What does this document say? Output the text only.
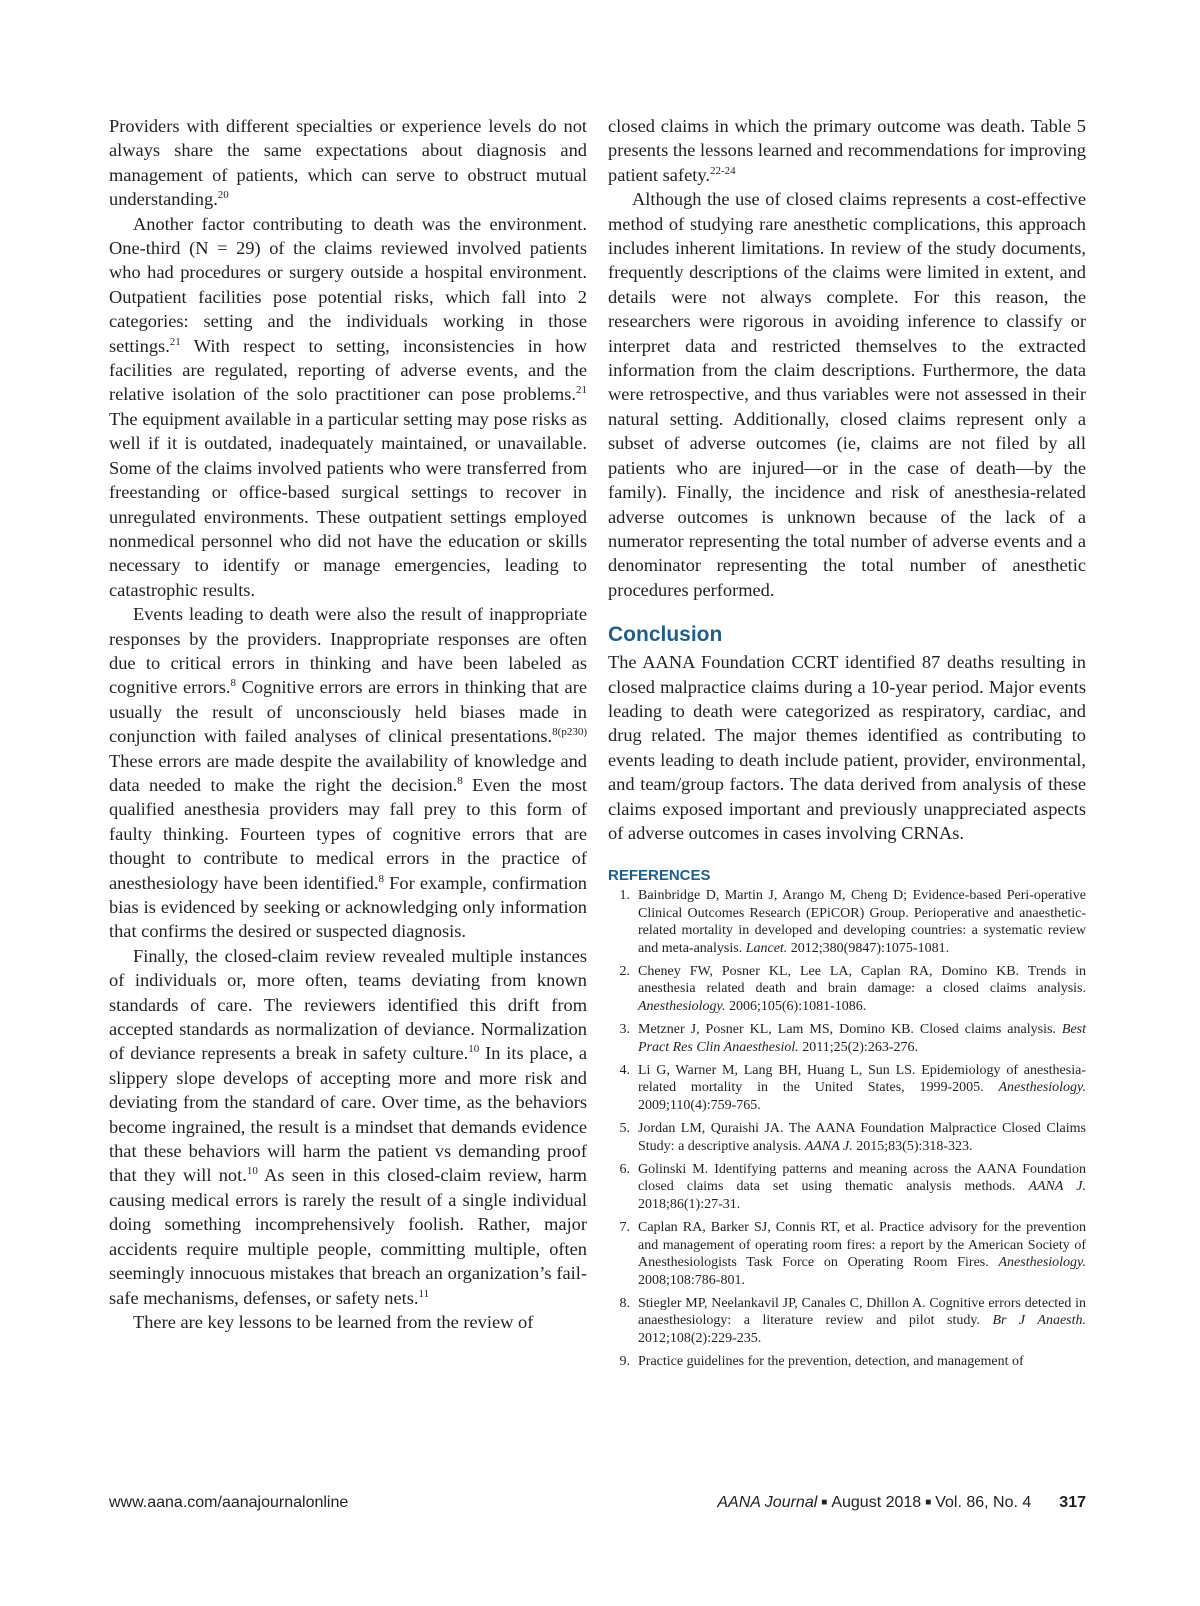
Providers with different specialties or experience levels do not always share the same expectations about diagnosis and management of patients, which can serve to obstruct mutual understanding.$^{20}$

Another factor contributing to death was the environment. One-third (N = 29) of the claims reviewed involved patients who had procedures or surgery outside a hospital environment. Outpatient facilities pose potential risks, which fall into 2 categories: setting and the individuals working in those settings.$^{21}$ With respect to setting, inconsistencies in how facilities are regulated, reporting of adverse events, and the relative isolation of the solo practitioner can pose problems.$^{21}$ The equipment available in a particular setting may pose risks as well if it is outdated, inadequately maintained, or unavailable. Some of the claims involved patients who were transferred from freestanding or office-based surgical settings to recover in unregulated environments. These outpatient settings employed nonmedical personnel who did not have the education or skills necessary to identify or manage emergencies, leading to catastrophic results.

Events leading to death were also the result of inappropriate responses by the providers. Inappropriate responses are often due to critical errors in thinking and have been labeled as cognitive errors.$^8$ Cognitive errors are errors in thinking that are usually the result of unconsciously held biases made in conjunction with failed analyses of clinical presentations.$^{8(p230)}$ These errors are made despite the availability of knowledge and data needed to make the right the decision.$^8$ Even the most qualified anesthesia providers may fall prey to this form of faulty thinking. Fourteen types of cognitive errors that are thought to contribute to medical errors in the practice of anesthesiology have been identified.$^8$ For example, confirmation bias is evidenced by seeking or acknowledging only information that confirms the desired or suspected diagnosis.

Finally, the closed-claim review revealed multiple instances of individuals or, more often, teams deviating from known standards of care. The reviewers identified this drift from accepted standards as normalization of deviance. Normalization of deviance represents a break in safety culture.$^{10}$ In its place, a slippery slope develops of accepting more and more risk and deviating from the standard of care. Over time, as the behaviors become ingrained, the result is a mindset that demands evidence that these behaviors will harm the patient vs demanding proof that they will not.$^{10}$ As seen in this closed-claim review, harm causing medical errors is rarely the result of a single individual doing something incomprehensively foolish. Rather, major accidents require multiple people, committing multiple, often seemingly innocuous mistakes that breach an organization’s fail-safe mechanisms, defenses, or safety nets.$^{11}$

There are key lessons to be learned from the review of

closed claims in which the primary outcome was death. Table 5 presents the lessons learned and recommendations for improving patient safety.$^{22-24}$

Although the use of closed claims represents a cost-effective method of studying rare anesthetic complications, this approach includes inherent limitations. In review of the study documents, frequently descriptions of the claims were limited in extent, and details were not always complete. For this reason, the researchers were rigorous in avoiding inference to classify or interpret data and restricted themselves to the extracted information from the claim descriptions. Furthermore, the data were retrospective, and thus variables were not assessed in their natural setting. Additionally, closed claims represent only a subset of adverse outcomes (ie, claims are not filed by all patients who are injured—or in the case of death—by the family). Finally, the incidence and risk of anesthesia-related adverse outcomes is unknown because of the lack of a numerator representing the total number of adverse events and a denominator representing the total number of anesthetic procedures performed.

Conclusion

The AANA Foundation CCRT identified 87 deaths resulting in closed malpractice claims during a 10-year period. Major events leading to death were categorized as respiratory, cardiac, and drug related. The major themes identified as contributing to events leading to death include patient, provider, environmental, and team/group factors. The data derived from analysis of these claims exposed important and previously unappreciated aspects of adverse outcomes in cases involving CRNAs.

REFERENCES
1. Bainbridge D, Martin J, Arango M, Cheng D; Evidence-based Peri-operative Clinical Outcomes Research (EPiCOR) Group. Perioperative and anaesthetic-related mortality in developed and developing countries: a systematic review and meta-analysis. Lancet. 2012;380(9847):1075-1081.
2. Cheney FW, Posner KL, Lee LA, Caplan RA, Domino KB. Trends in anesthesia related death and brain damage: a closed claims analysis. Anesthesiology. 2006;105(6):1081-1086.
3. Metzner J, Posner KL, Lam MS, Domino KB. Closed claims analysis. Best Pract Res Clin Anaesthesiol. 2011;25(2):263-276.
4. Li G, Warner M, Lang BH, Huang L, Sun LS. Epidemiology of anesthesia-related mortality in the United States, 1999-2005. Anesthesiology. 2009;110(4):759-765.
5. Jordan LM, Quraishi JA. The AANA Foundation Malpractice Closed Claims Study: a descriptive analysis. AANA J. 2015;83(5):318-323.
6. Golinski M. Identifying patterns and meaning across the AANA Foundation closed claims data set using thematic analysis methods. AANA J. 2018;86(1):27-31.
7. Caplan RA, Barker SJ, Connis RT, et al. Practice advisory for the prevention and management of operating room fires: a report by the American Society of Anesthesiologists Task Force on Operating Room Fires. Anesthesiology. 2008;108:786-801.
8. Stiegler MP, Neelankavil JP, Canales C, Dhillon A. Cognitive errors detected in anaesthesiology: a literature review and pilot study. Br J Anaesth. 2012;108(2):229-235.
9. Practice guidelines for the prevention, detection, and management of
www.aana.com/aanajournalonline	AANA Journal ■ August 2018 ■ Vol. 86, No. 4 317
